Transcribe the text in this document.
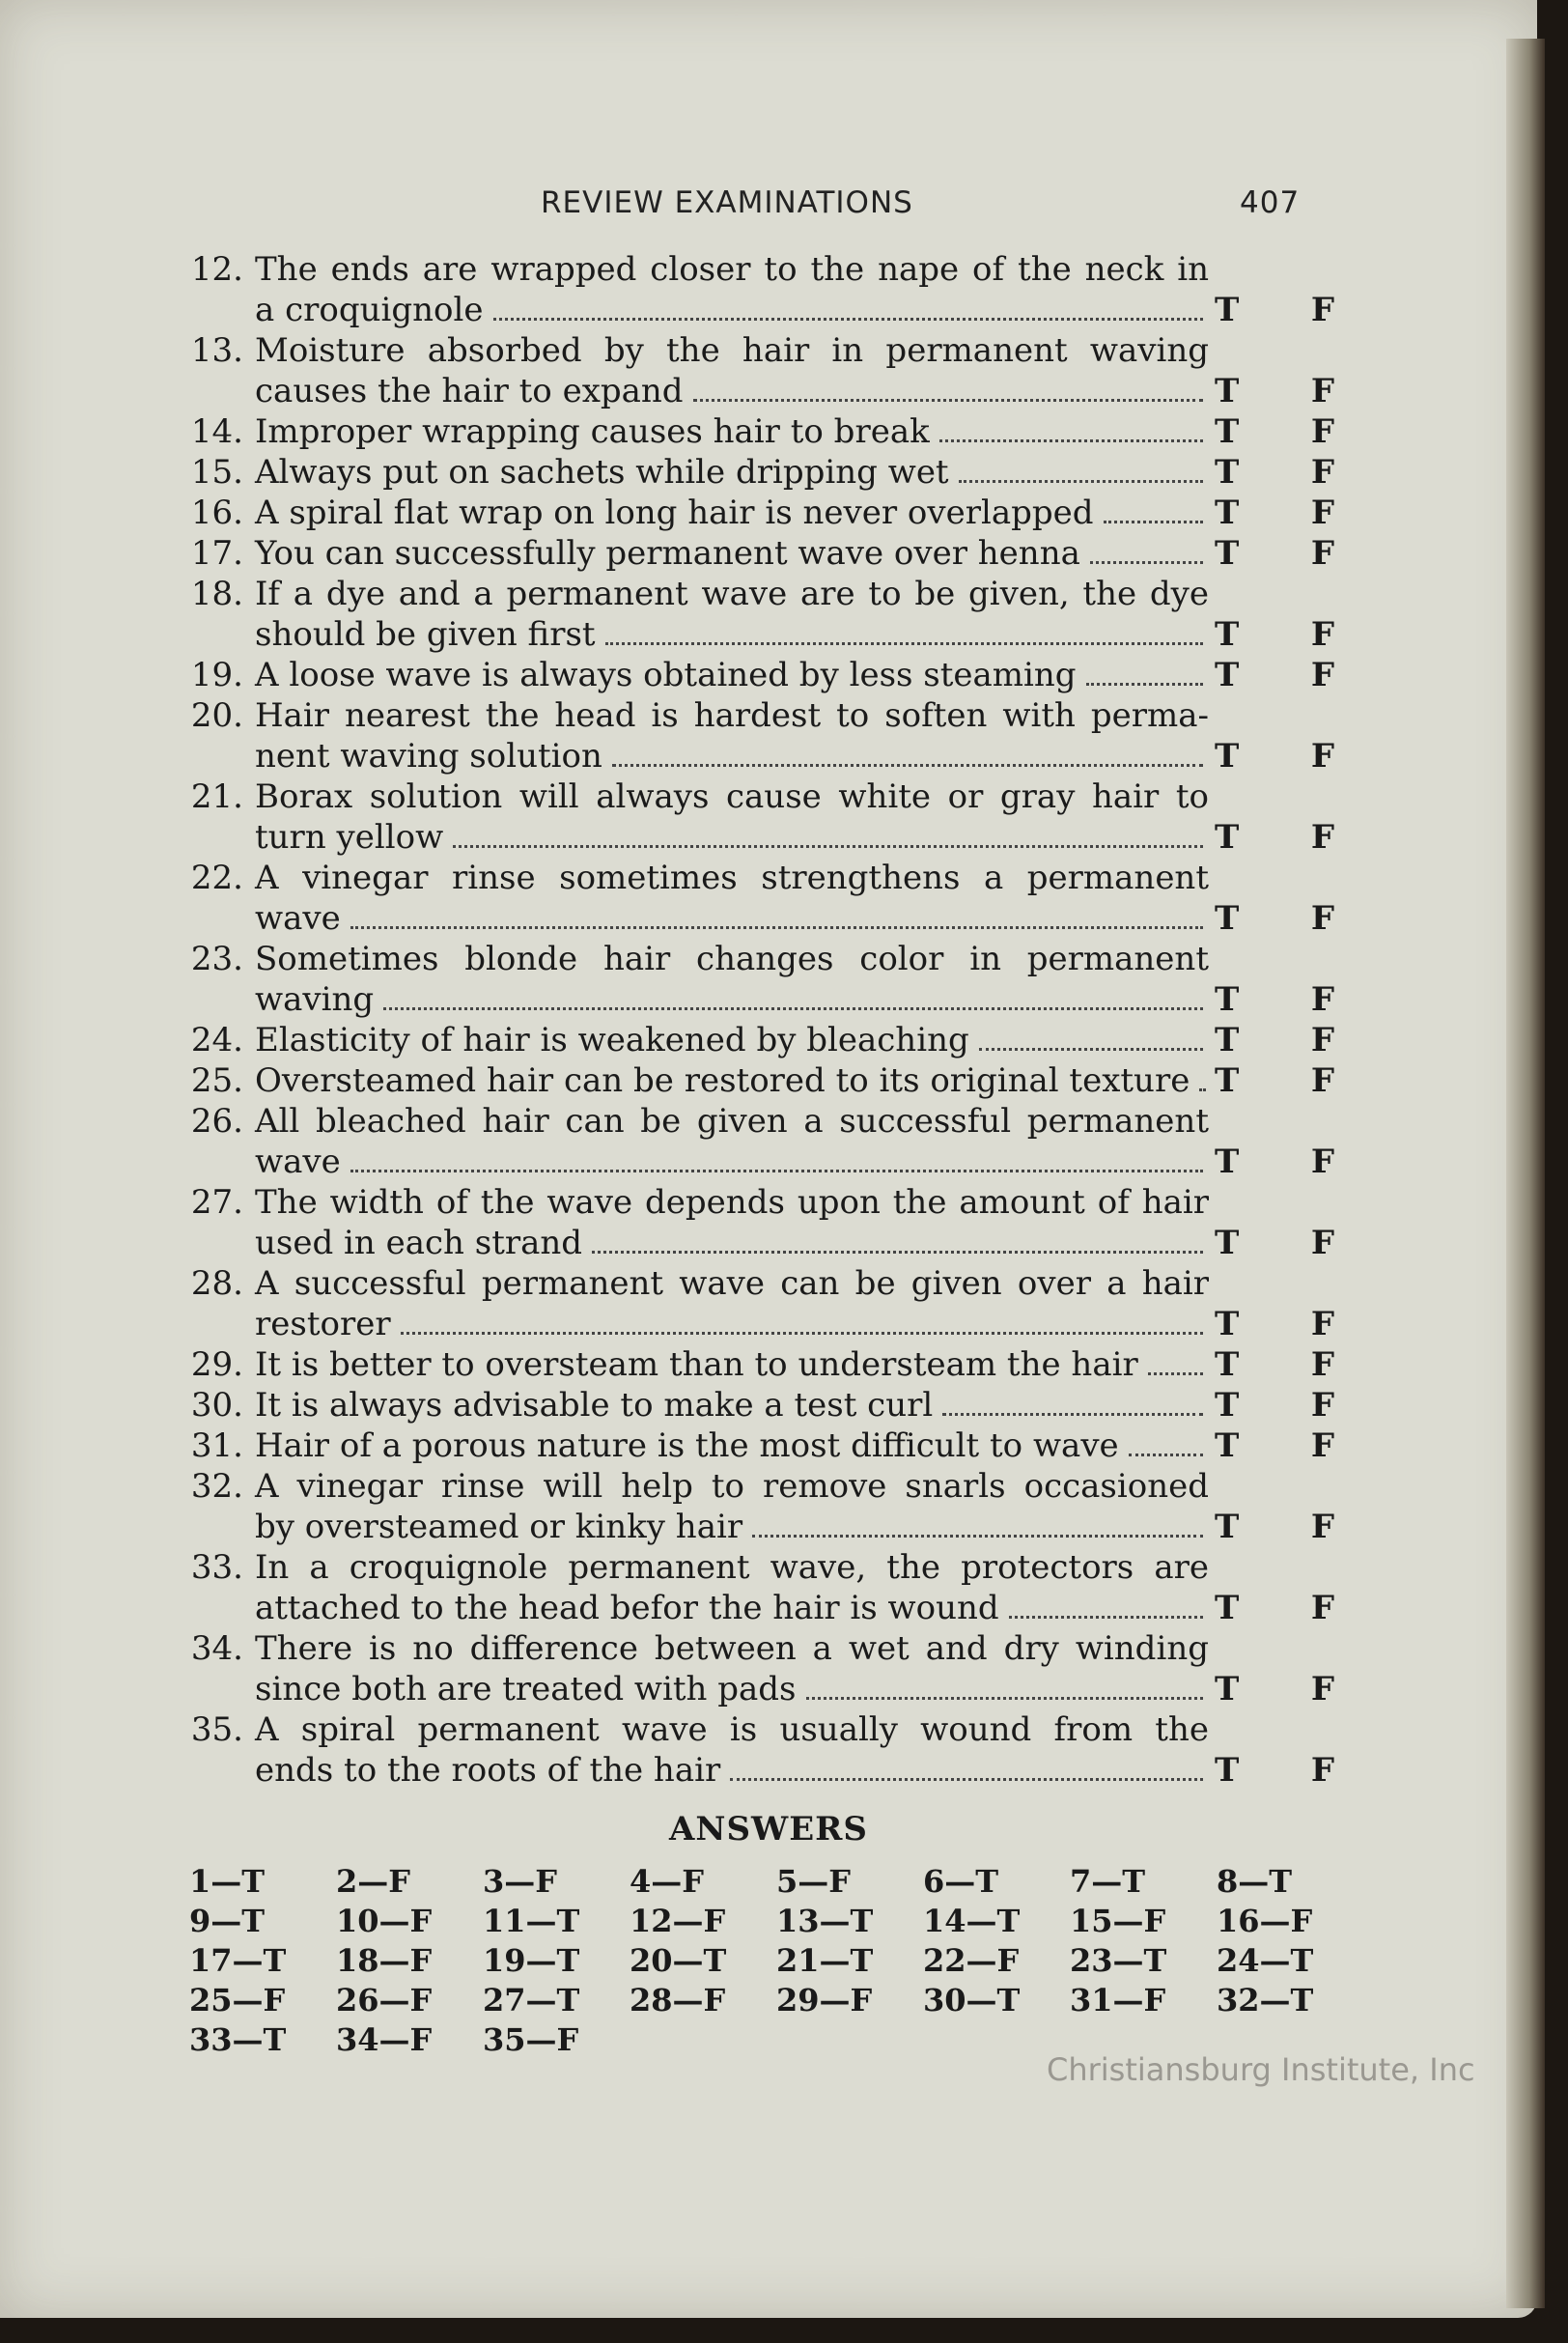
REVIEW EXAMINATIONS	407
12. The ends are wrapped closer to the nape of the neck in
a croquignole	T F
13. Moisture absorbed by the hair in permanent waving
causes the hair to expand	T F
14. Improper wrapping causes hair to break	T F
15. Always put on sachets while dripping wet	T F
16. A spiral flat wrap on long hair is never overlapped	T F
17. You can successfully permanent wave over henna	T F
18. If a dye and a permanent wave are to be given, the dye
should be given first	T F
19. A loose wave is always obtained by less steaming	T F
20. Hair nearest the head is hardest to soften with perma-
nent waving solution	T F
21. Borax solution will always cause white or gray hair to
turn yellow	T F
22. A vinegar rinse sometimes strengthens a permanent
wave	T F
23. Sometimes blonde hair changes color in permanent
waving	T F
24. Elasticity of hair is weakened by bleaching	T F
25. Oversteamed hair can be restored to its original texture T F
26. All bleached hair can be given a successful permanent
wave	T F
27. The width of the wave depends upon the amount of hair
used in each strand	T F
28. A successful permanent wave can be given over a hair
restorer	T F
29. It is better to oversteam than to understeam the hair T F
30. It is always advisable to make a test curl	T F
31. Hair of a porous nature is the most difficult to wave	T F
32. A vinegar rinse will help to remove snarls occasioned
by oversteamed or kinky hair	T F
33. In a croquignole permanent wave, the protectors are
attached to the head befor the hair is wound	T F
34. There is no difference between a wet and dry winding
since both are treated with pads	T F
35. A spiral permanent wave is usually wound from the
ends to the roots of the hair	T F
ANSWERS
1—T	2—F	3—F	4—F	5—F	6—T	7—T	8—T
9—T	10—F	11—T	12—F	13—T	14—T	15—F	16—F
17—T	18—F	19—T	20—T	21—T	22—F	23—T	24—T
25—F	26—F	27—T	28—F	29—F	30—T	31—F	32—T
33—T	34—F	35—F
Christiansburg Institute, Inc
